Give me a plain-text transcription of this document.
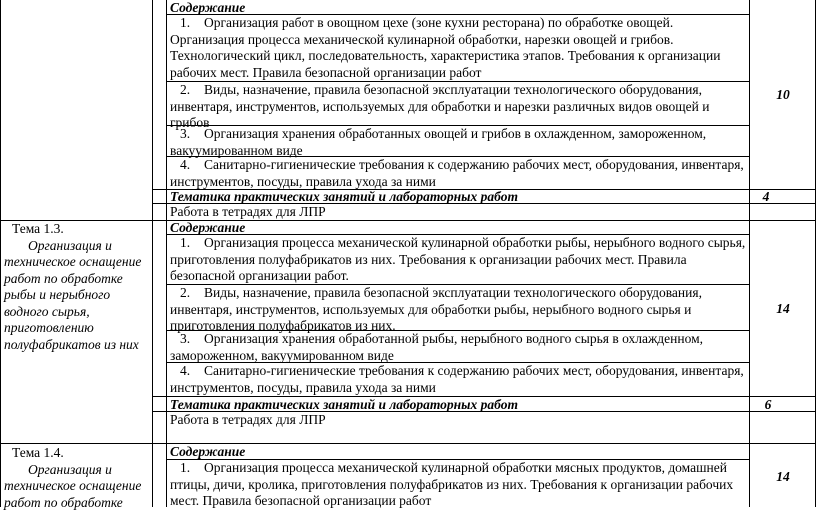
Содержание
1. Организация работ в овощном цехе (зоне кухни ресторана) по обработке овощей. Организация процесса механической кулинарной обработки, нарезки овощей и грибов. Технологический цикл, последовательность, характеристика этапов. Требования к организации рабочих мест. Правила безопасной организации работ
2. Виды, назначение, правила безопасной эксплуатации технологического оборудования, инвентаря, инструментов, используемых для обработки и нарезки различных видов овощей и грибов
3. Организация хранения обработанных овощей и грибов в охлажденном, замороженном, вакуумированном виде
4. Санитарно-гигиенические требования к содержанию рабочих мест, оборудования, инвентаря, инструментов, посуды, правила ухода за ними
10
Тематика практических занятий и лабораторных работ	4
Работа в тетрадях для ЛПР
Тема 1.3.
Организация и техническое оснащение работ по обработке рыбы и нерыбного водного сырья, приготовлению полуфабрикатов из них
Содержание
1. Организация процесса механической кулинарной обработки рыбы, нерыбного водного сырья, приготовления полуфабрикатов из них. Требования к организации рабочих мест. Правила безопасной организации работ.
2. Виды, назначение, правила безопасной эксплуатации технологического оборудования, инвентаря, инструментов, используемых для обработки рыбы, нерыбного водного сырья и приготовления полуфабрикатов из них.
3. Организация хранения обработанной рыбы, нерыбного водного сырья в охлажденном, замороженном, вакуумированном виде
4. Санитарно-гигиенические требования к содержанию рабочих мест, оборудования, инвентаря, инструментов, посуды, правила ухода за ними
14
Тематика практических занятий и лабораторных работ	6
Работа в тетрадях для ЛПР
Тема 1.4.
Организация и техническое оснащение работ по обработке
Содержание
1. Организация процесса механической кулинарной обработки мясных продуктов, домашней птицы, дичи, кролика, приготовления полуфабрикатов из них. Требования к организации рабочих мест. Правила безопасной организации работ
14
